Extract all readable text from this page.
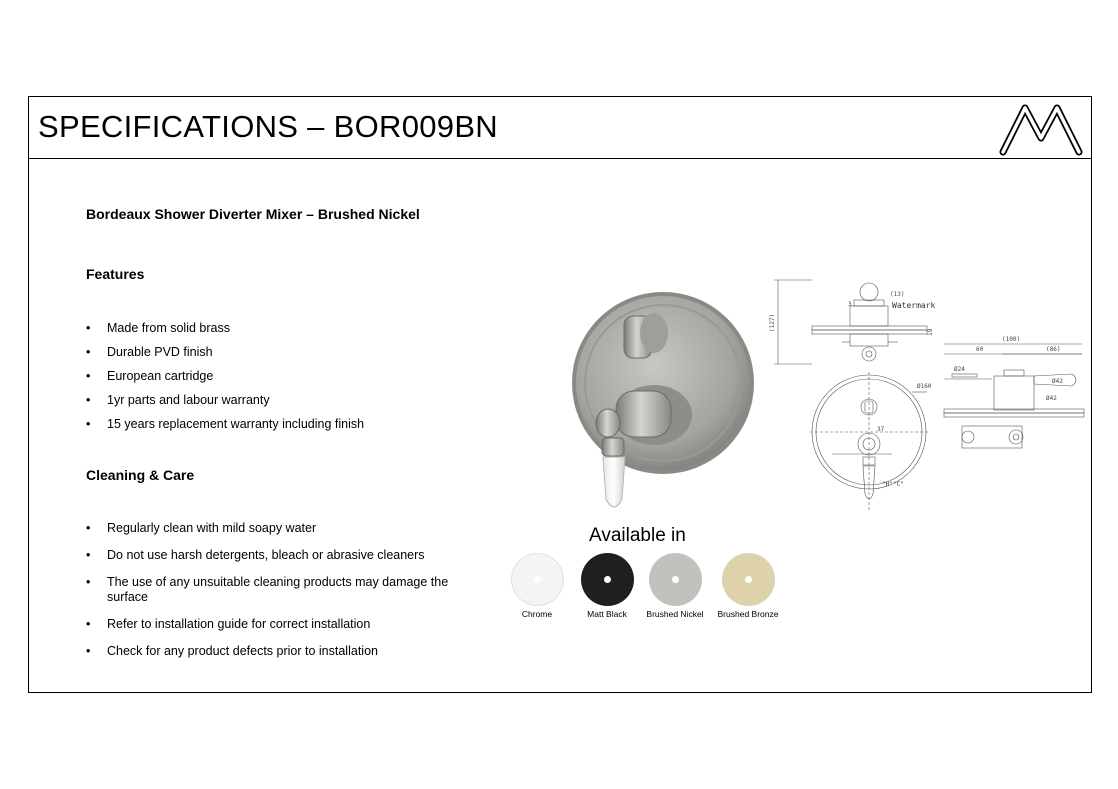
SPECIFICATIONS – BOR009BN
Bordeaux Shower Diverter Mixer – Brushed Nickel
Features
• Made from solid brass
• Durable PVD finish
• European cartridge
• 1yr parts and labour warranty
• 15 years replacement warranty including finish
Cleaning & Care
• Regularly clean with mild soapy water
• Do not use harsh detergents, bleach or abrasive cleaners
• The use of any unsuitable cleaning products may damage the surface
• Refer to installation guide for correct installation
• Check for any product defects prior to installation
(13)
Watermark
3
19
(127)
Ø160
37
"H""C"
(100)
60	(86)
Ø24
Ø42
Ø42
Available in
Chrome	Matt Black	Brushed Nickel	Brushed Bronze
